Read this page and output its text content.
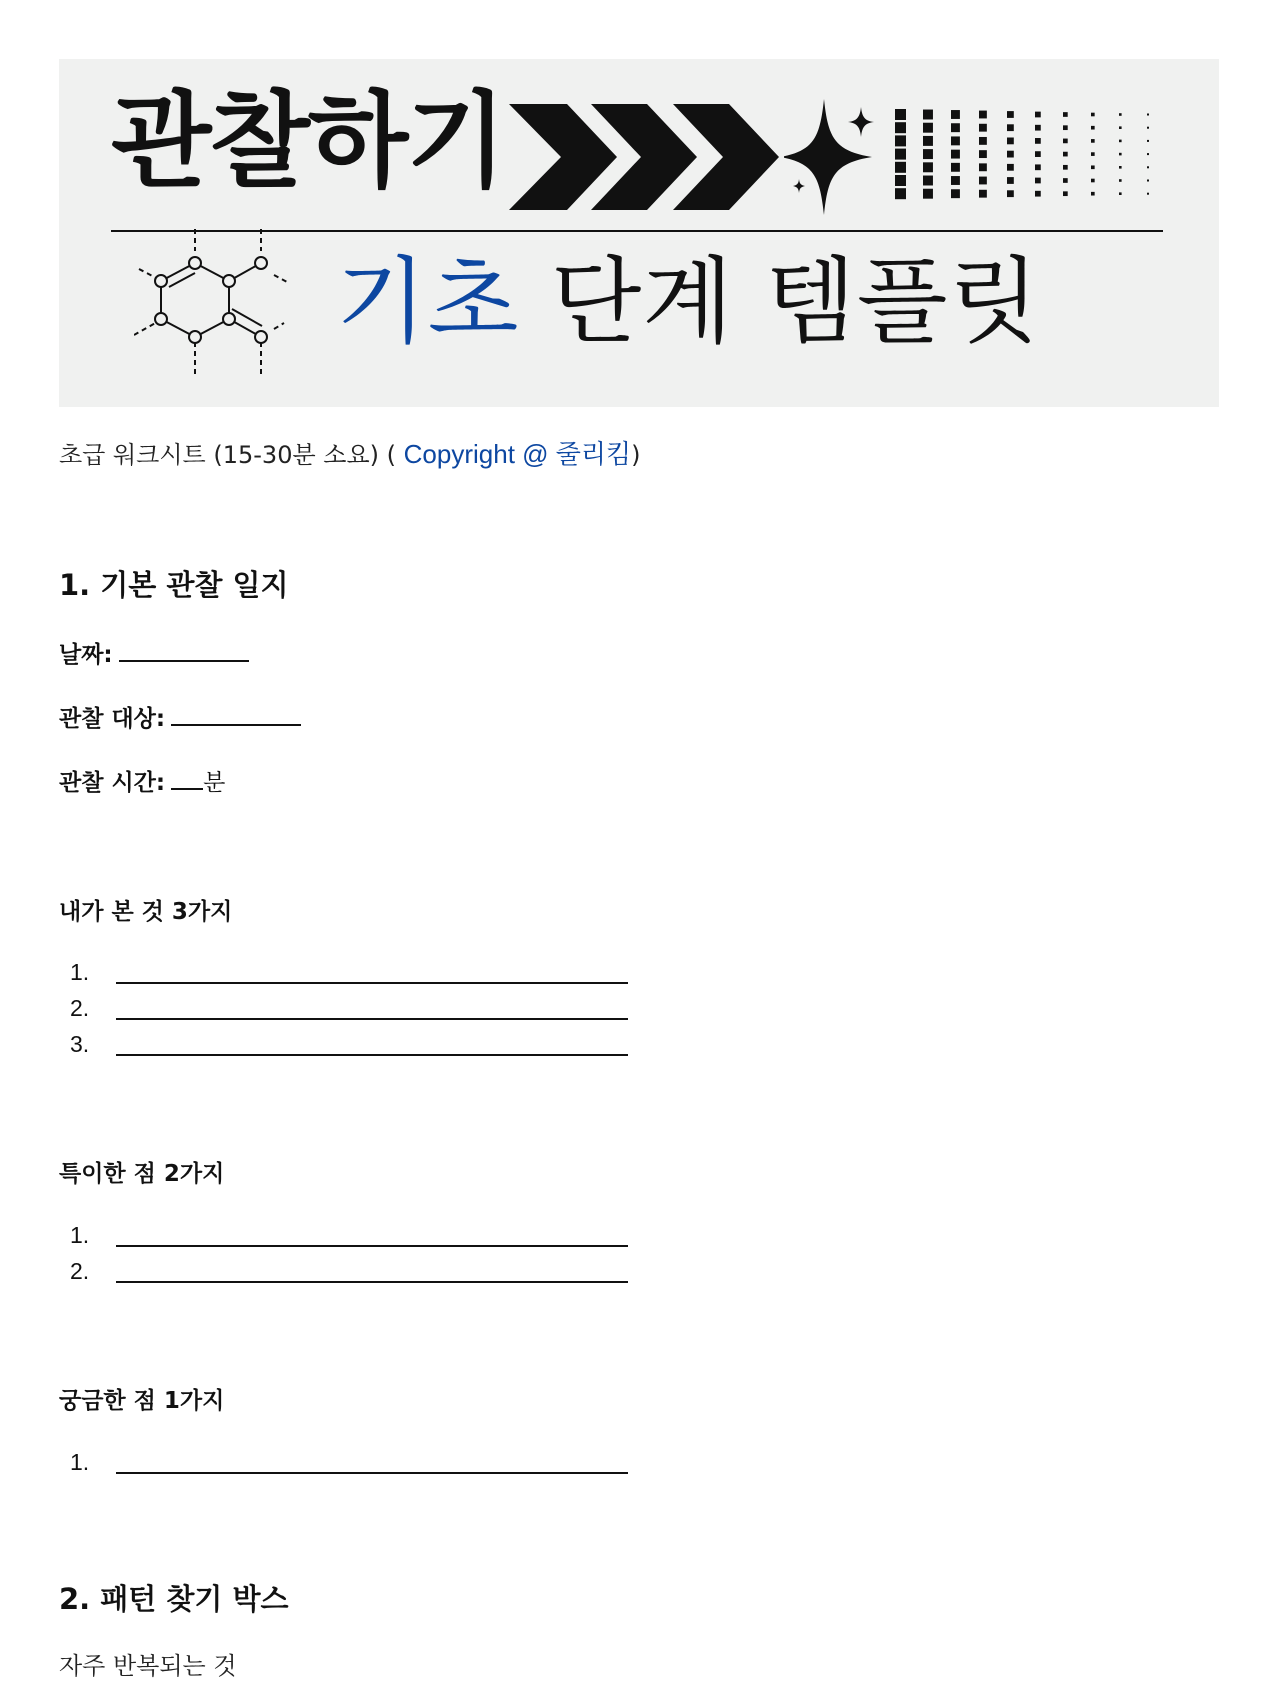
관찰하기
기초 단계 템플릿
초급 워크시트 (15-30분 소요) ( Copyright @ 줄리킴)
1. 기본 관찰 일지
날짜:
관찰 대상:
관찰 시간: 분
내가 본 것 3가지
1.
2.
3.
특이한 점 2가지
1.
2.
궁금한 점 1가지
1.
2. 패턴 찾기 박스
자주 반복되는 것
